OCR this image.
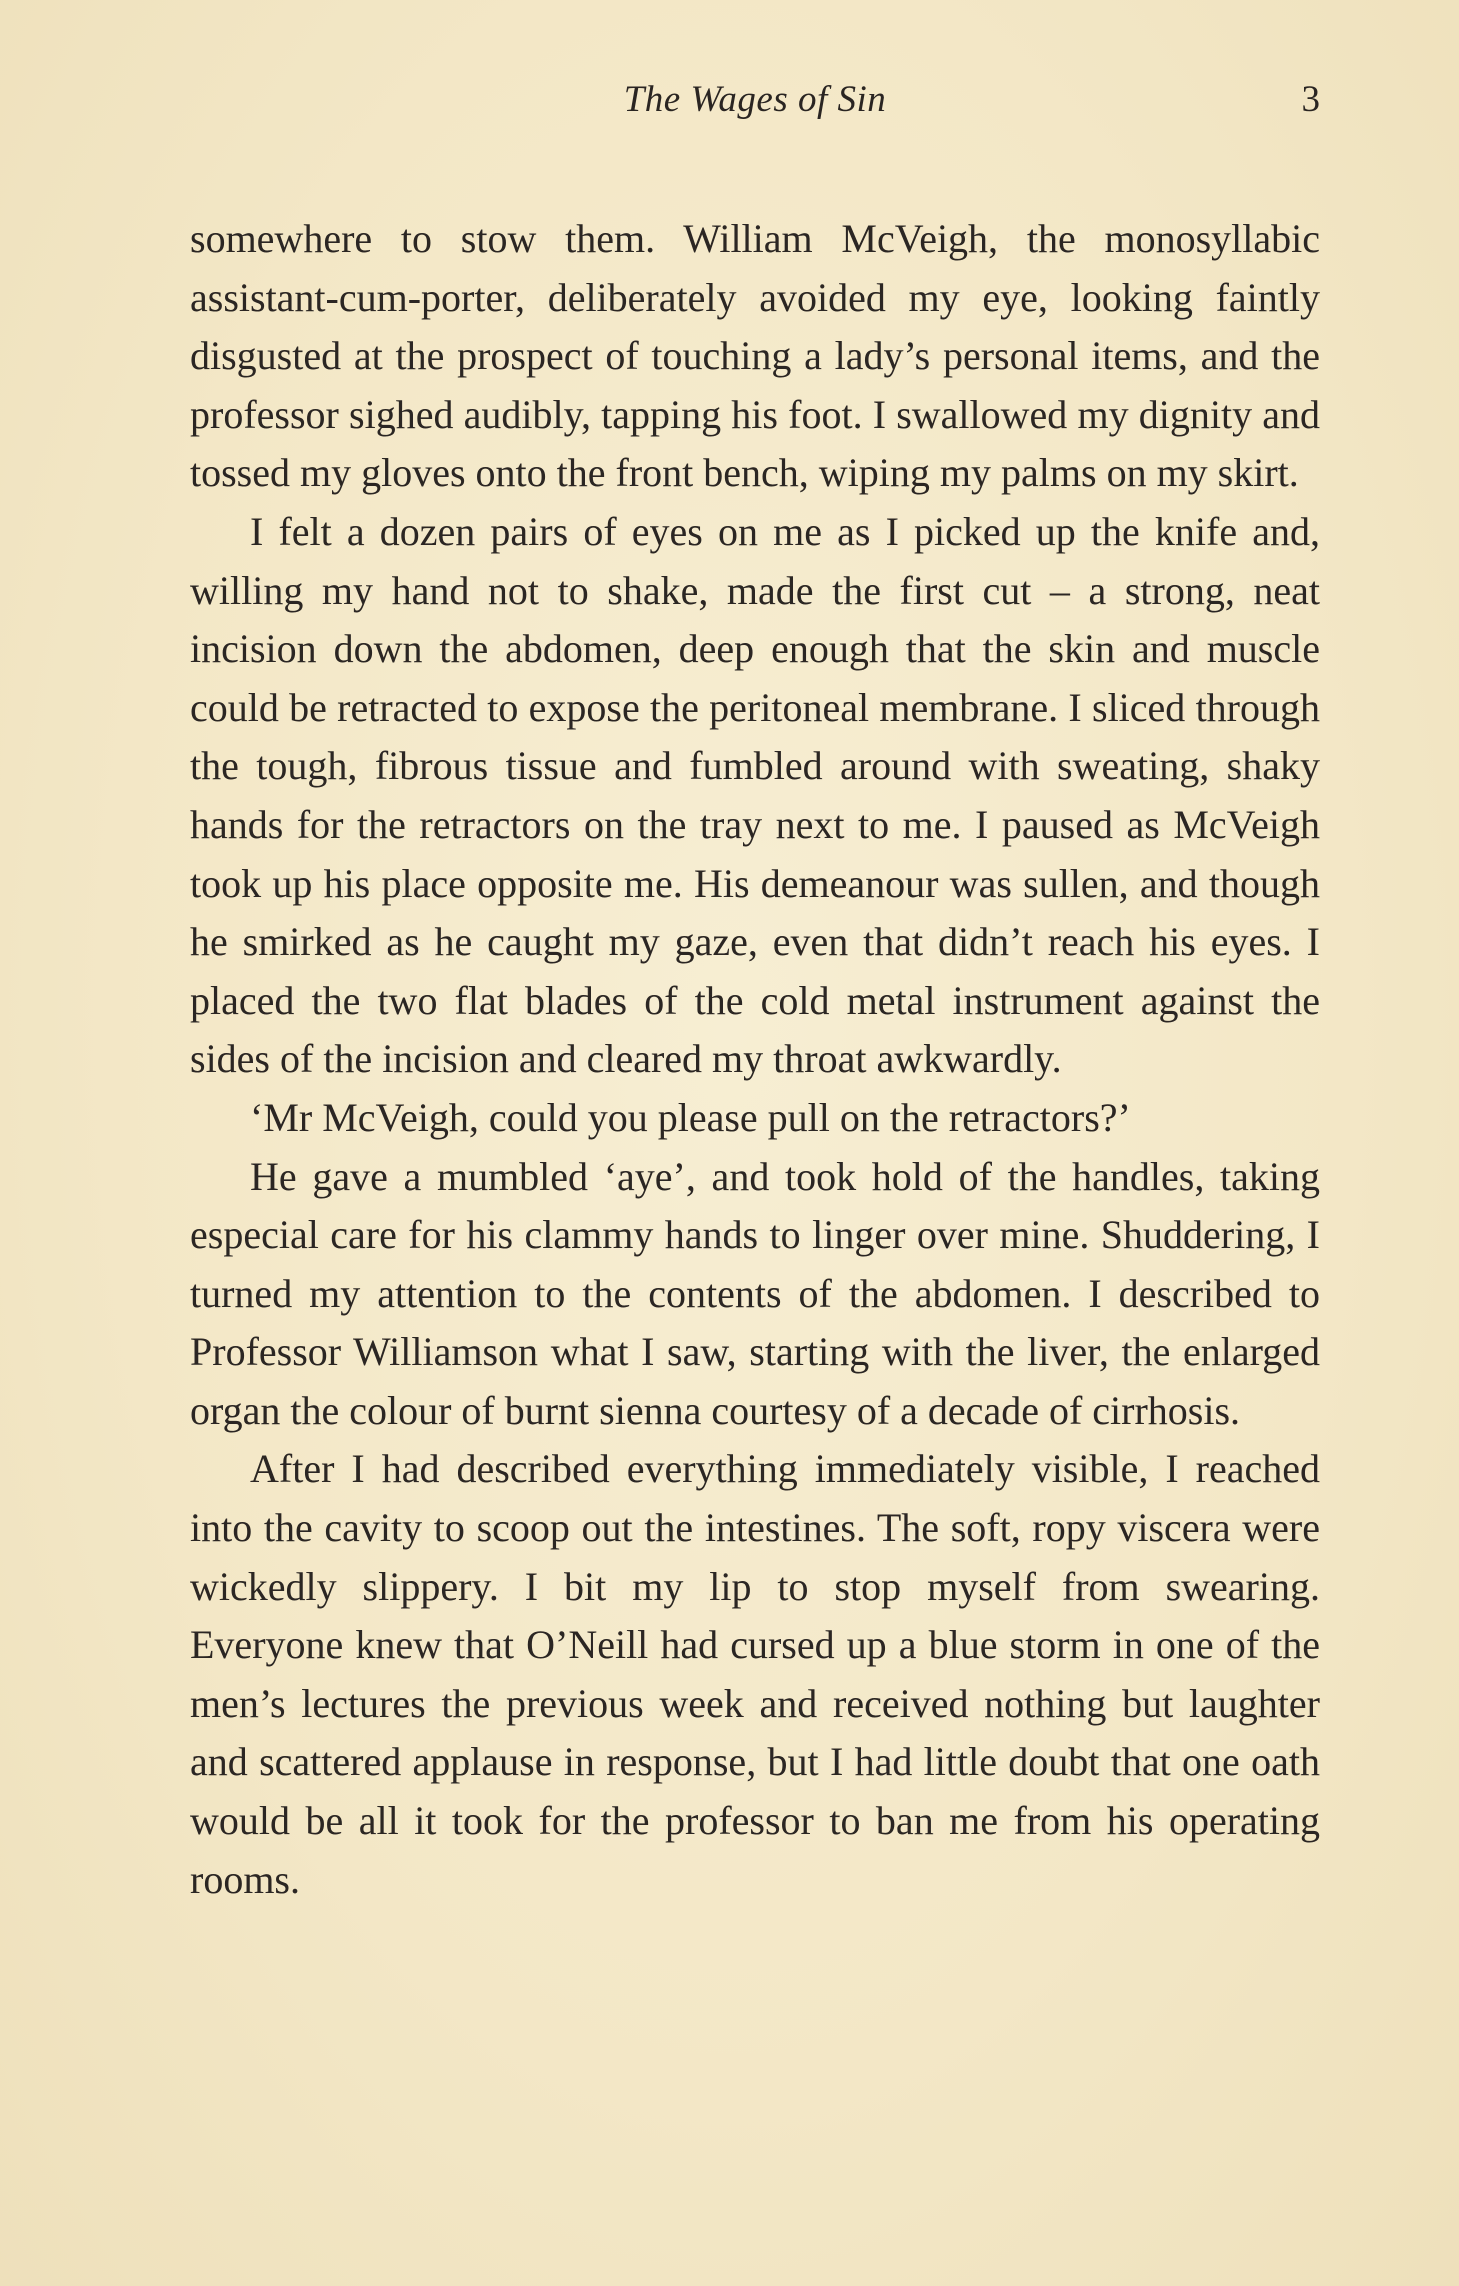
The Wages of Sin	3

somewhere to stow them. William McVeigh, the monosyllabic assistant-cum-porter, deliberately avoided my eye, looking faintly disgusted at the prospect of touching a lady’s personal items, and the professor sighed audibly, tapping his foot. I swallowed my dignity and tossed my gloves onto the front bench, wiping my palms on my skirt.

I felt a dozen pairs of eyes on me as I picked up the knife and, willing my hand not to shake, made the first cut – a strong, neat incision down the abdomen, deep enough that the skin and muscle could be retracted to expose the peritoneal membrane. I sliced through the tough, fibrous tissue and fumbled around with sweating, shaky hands for the retractors on the tray next to me. I paused as McVeigh took up his place opposite me. His demeanour was sullen, and though he smirked as he caught my gaze, even that didn’t reach his eyes. I placed the two flat blades of the cold metal instrument against the sides of the incision and cleared my throat awkwardly.

‘Mr McVeigh, could you please pull on the retractors?’

He gave a mumbled ‘aye’, and took hold of the handles, taking especial care for his clammy hands to linger over mine. Shuddering, I turned my attention to the contents of the abdomen. I described to Professor Williamson what I saw, starting with the liver, the enlarged organ the colour of burnt sienna courtesy of a decade of cirrhosis.

After I had described everything immediately visible, I reached into the cavity to scoop out the intestines. The soft, ropy viscera were wickedly slippery. I bit my lip to stop myself from swearing. Everyone knew that O’Neill had cursed up a blue storm in one of the men’s lectures the previous week and received nothing but laughter and scattered applause in response, but I had little doubt that one oath would be all it took for the professor to ban me from his operating rooms.
